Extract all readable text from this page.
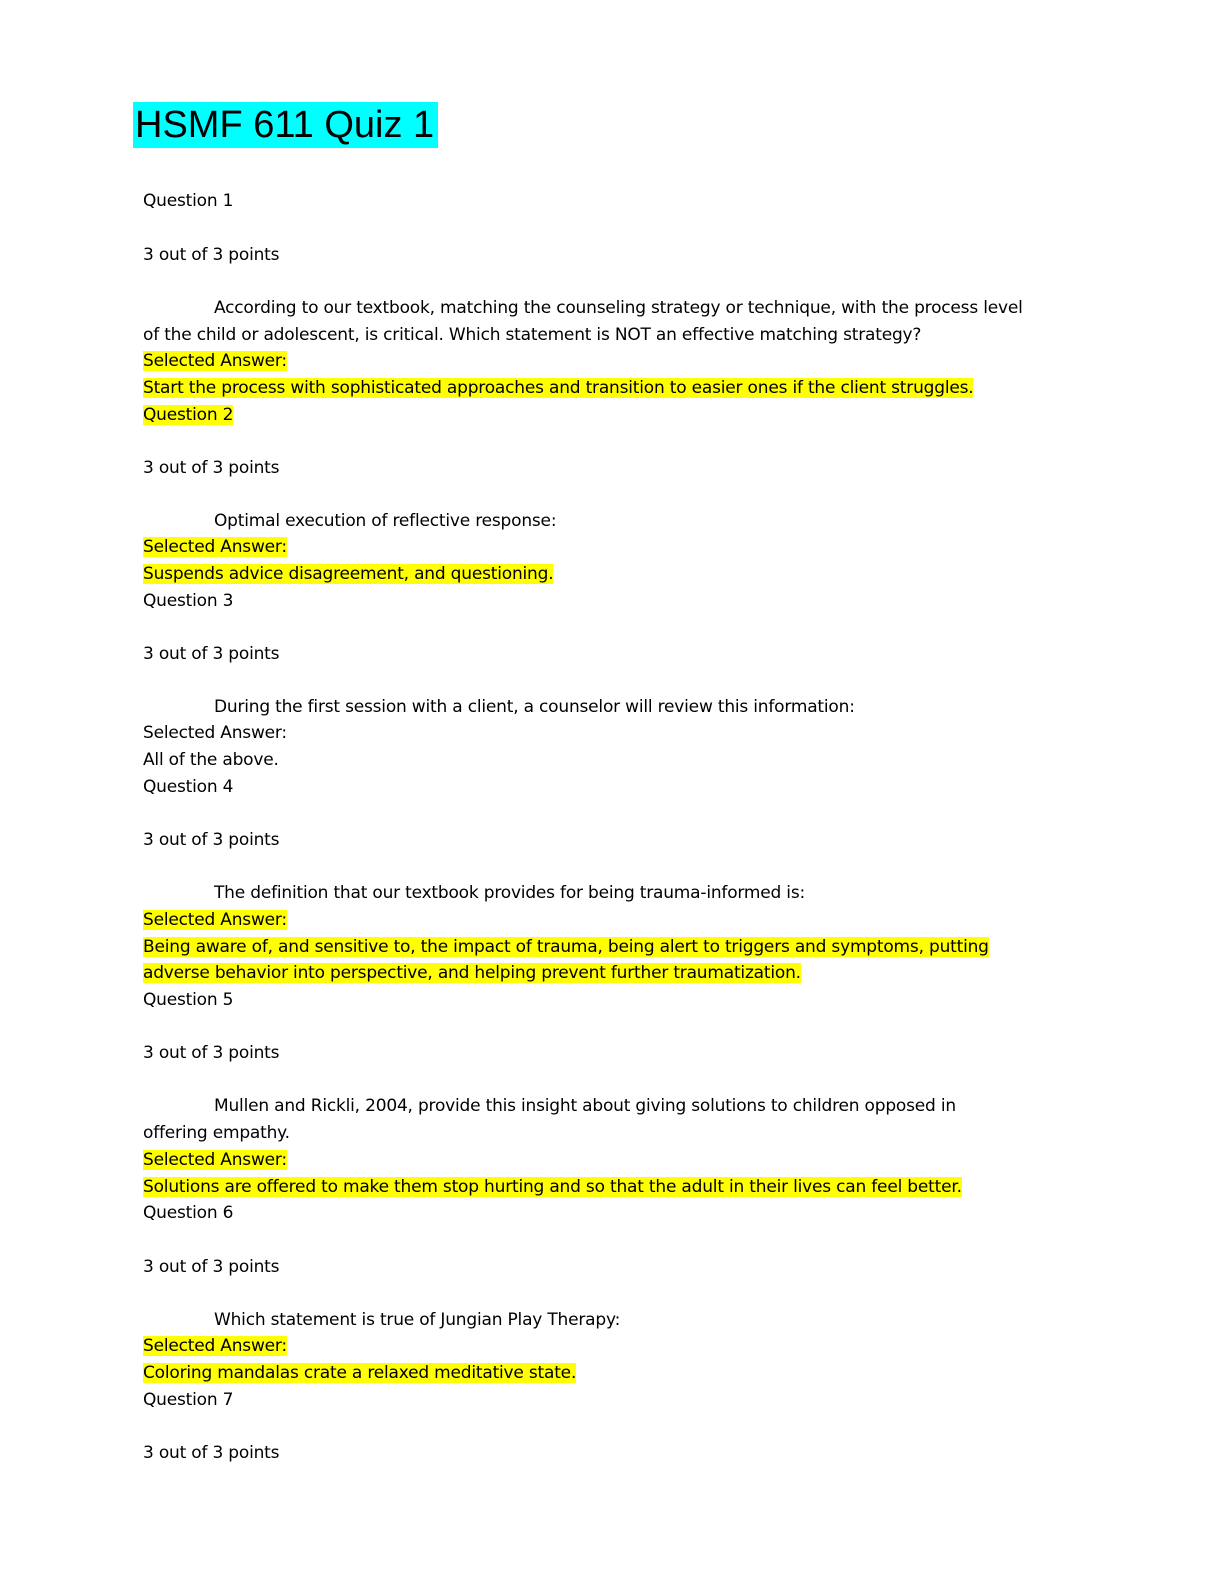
HSMF 611 Quiz 1
Question 1
3 out of 3 points
According to our textbook, matching the counseling strategy or technique, with the process level
of the child or adolescent, is critical. Which statement is NOT an effective matching strategy?
Selected Answer:
Start the process with sophisticated approaches and transition to easier ones if the client struggles.
Question 2
3 out of 3 points
Optimal execution of reflective response:
Selected Answer:
Suspends advice disagreement, and questioning.
Question 3
3 out of 3 points
During the first session with a client, a counselor will review this information:
Selected Answer:
All of the above.
Question 4
3 out of 3 points
The definition that our textbook provides for being trauma-informed is:
Selected Answer:
Being aware of, and sensitive to, the impact of trauma, being alert to triggers and symptoms, putting
adverse behavior into perspective, and helping prevent further traumatization.
Question 5
3 out of 3 points
Mullen and Rickli, 2004, provide this insight about giving solutions to children opposed in
offering empathy.
Selected Answer:
Solutions are offered to make them stop hurting and so that the adult in their lives can feel better.
Question 6
3 out of 3 points
Which statement is true of Jungian Play Therapy:
Selected Answer:
Coloring mandalas crate a relaxed meditative state.
Question 7
3 out of 3 points
